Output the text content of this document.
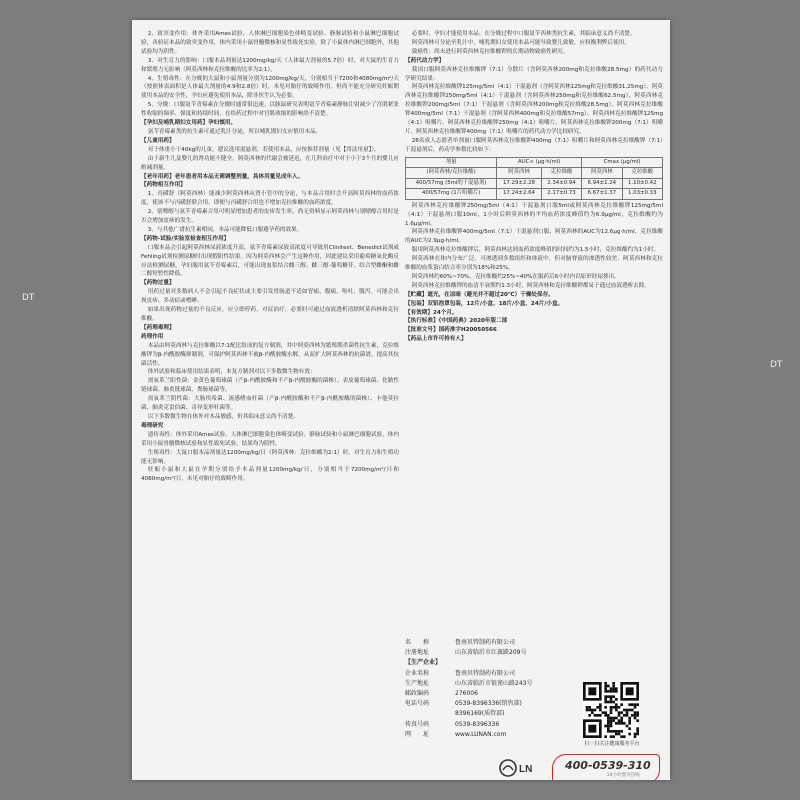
DT
DT

2、致突变作用：体外采用Ames试验、人体淋巴细胞染色体畸变试验、静脉试验和小鼠淋巴细胞试验，各验证本品的致突变作用，体内采用小鼠骨髓微核和显性致死实验，除了小鼠体内淋巴细胞外，其他试验均为阴性。

3、对生育力的影响：口服本品剂量达1200mg/kg/天（人体最大剂量的5.7倍）时，对大鼠的生育力和繁殖力无影响（阿莫西林和克拉维酸的比率为2:1）。

4、生殖毒性：在分娩的大鼠和小鼠剂量分别为1200mg/kg/天，分别相当于7200和4080mg/m²/天（按照体表面积是人体最大剂量的4.9和2.8倍）时，未见对胎仔的致畸作用。但尚不能充分研究妊娠期使用本品的安全性，孕妇应避免使用本品，除非医生认为必要。

5、分娩：口服氨苄青霉素在分娩时通常很迅速。以豚鼠研究表明氨苄青霉素静脉注射减少了宫肌紧张性收缩的频率、强度和持续时间，在给药过程中对宫肌收缩的影响尚不清楚。

【孕妇及哺乳期妇女用药】孕妇慎用。

氨苄青霉素类的抗生素可通过乳汁分泌，所以哺乳期妇女应慎用本品。

【儿童用药】

对于体重小于40kg的儿童，建议选用混悬剂，若使用本品，应按推荐剂量（见【用法用量】）。

由于新生儿及婴儿的肾功能不健全，阿莫西林的代谢会被延迟，在儿科治疗中对于小于3个月的婴儿应酌减剂量。

【老年用药】老年患者用本品无需调整剂量，具体用量见成年人。

【药物相互作用】

1、丙磺舒（阿莫西林）能减少阿莫西林从肾小管中的分泌，与本品合用时会升高阿莫西林的血药浓度，使该不与丙磺舒联合用。即便与丙磺舒合用也不增加克拉维酸的血药浓度。

2、别嘌醇与氨苄青霉素合用可明显增加患者的皮疹发生率，尚无资料显示阿莫西林与别嘌醇合用时是否会增加皮疹的发生。

3、与其他广谱抗生素相同，本品可能降低口服避孕药的效果。

【药物-试验/实验室检查相互作用】

口服本品会引起阿莫西林尿液浓度升高，氨苄青霉素尿液高浓度可导致用Clinitest、Benedict试剂或Fehling试剂检测尿糖时出现假阳性结果。因为阿莫西林会产生这种作用，因此建议采用葡萄糖氧化酶反应法检测尿糖。孕妇服用氨苄青霉素后，可能出现血浆结合雌三醇、雌三醇-葡萄糖苷、结合型雌酮和雌二醇短暂性降低。

【药物过量】

用药过量对多数病人不会引起不良症状或主要引发胃肠道不适如胃痛、腹痛、呕吐、腹泻。可能会出现皮疹、多动症或嗜睡。

如果出现药物过量的不良反应，应立即停药，对症治疗。必要时可通过血液透析清除阿莫西林和克拉维酸。

【药理毒理】

药理作用

本品由阿莫西林与克拉维酸以7:1配比组成的复方制剂，其中阿莫西林为繁殖期杀菌性抗生素，克拉维酸钾为β-内酰胺酶抑制剂，可保护阿莫西林不被β-内酰胺酶水解，从而扩大阿莫西林的抗菌谱，提高其抗菌活性。

体外试验和临床使用结果表明，本复方制剂对以下多数微生物有效：

需氧革兰阳性菌：金黄色葡萄球菌（产β-内酰胺酶和不产β-内酰胺酶的菌株）、表皮葡萄球菌、化脓性链球菌、肺炎链球菌、粪肠球菌等。

需氧革兰阴性菌：大肠埃希菌、流感嗜血杆菌（产β-内酰胺酶和不产β-内酰胺酶的菌株）、卡他莫拉菌、肺炎克雷伯菌、奇异变形杆菌等。

以下多数微生物在体外对本品敏感，但其临床意义尚不清楚。

毒理研究

遗传毒性：体外采用Ames试验、人体淋巴细胞染色体畸变试验、静脉试验和小鼠淋巴细胞试验，体内采用小鼠骨髓微核试验和显性致死试验，结果均为阴性。

生殖毒性：大鼠口服本品剂量达1200mg/kg/日（阿莫西林：克拉维酸为2:1）时，对生育力和生殖功能无影响。

妊娠小鼠和大鼠在孕期分别给予本品剂量1200mg/kg/日，分别相当于7200mg/m²/日和4080mg/m²/日，未见对胎仔的致畸作用。

必要时，孕妇才能使用本品。在分娩过程中口服氨苄西林类抗生素，其临床意义尚不清楚。

阿莫西林可分泌至乳汁中，哺乳期妇女使用本品可能导致婴儿致敏，应权衡利弊后使用。

致癌性：尚未进行阿莫西林克拉维酸钾的长期动物致癌性研究。

【药代动力学】

我国口服阿莫西林克拉维酸钾（7:1）分散片（含阿莫西林200mg和克拉维酸28.5mg）的药代动力学研究结果：

阿莫西林克拉维酸钾125mg/5ml（4:1）干混悬剂（含阿莫西林125mg和克拉维酸31.25mg）、阿莫西林克拉维酸钾250mg/5ml（4:1）干混悬剂（含阿莫西林250mg和克拉维酸62.5mg）、阿莫西林克拉维酸钾200mg/5ml（7:1）干混悬剂（含阿莫西林200mg和克拉维酸28.5mg）、阿莫西林克拉维酸钾400mg/5ml（7:1）干混悬剂（含阿莫西林400mg和克拉维酸57mg）、阿莫西林克拉维酸钾125mg（4:1）咀嚼片、阿莫西林克拉维酸钾250mg（4:1）咀嚼片、阿莫西林克拉维酸钾200mg（7:1）咀嚼片、阿莫西林克拉维酸钾400mg（7:1）咀嚼片的药代动力学比较研究。

28名成人志愿者单剂量口服阿莫西林克拉维酸钾400mg（7:1）咀嚼片和阿莫西林克拉维酸钾（7:1）干混悬剂后，药动学参数比较如下：

剂量	AUC∞ (μg·h/ml)		Cmax (μg/ml)	
(阿莫西林/克拉维酸)	阿莫西林	克拉维酸	阿莫西林	克拉维酸
400/57mg (5ml的干混悬剂)	17.29±2.28	2.34±0.94	6.94±1.24	1.10±0.42
400/57mg (1片咀嚼片)	17.24±2.64	2.17±0.73	6.67±1.37	1.03±0.33

阿莫西林克拉维酸钾250mg/5ml（4:1）干混悬剂口服5ml或阿莫西林克拉维酸钾125mg/5ml（4:1）干混悬剂口服10ml，1小时后阿莫西林的平均血药浓度峰值约为6.9μg/ml，克拉维酸约为1.6μg/ml。

阿莫西林克拉维酸钾400mg/5ml（7:1）干混悬剂口服，阿莫西林的AUC为12.6μg·h/ml，克拉维酸的AUC为2.9μg·h/ml。

服用阿莫西林克拉维酸钾后，阿莫西林达到血药浓度峰值的时间约为1.5小时，克拉维酸约为1小时。

阿莫西林在体内分布广泛，可渗透到多数组织和体液中，但对脑脊液的渗透性较差。阿莫西林和克拉维酸的血浆蛋白结合率分别为18%和25%。

阿莫西林约60%~70%、克拉维酸约25%~40%在服药后6小时内以原形经尿排出。

阿莫西林克拉维酸钾的血清半衰期约1.3小时，阿莫西林和克拉维酸钾都易于通过血液透析去除。

【贮藏】遮光，在凉暗（避光并不超过20℃）干燥处保存。

【包装】双铝泡罩包装，12片/小盒、18片/小盒、24片/小盒。

【有效期】24个月。

【执行标准】《中国药典》2020年版二部

【批准文号】国药准字H20050566

【药品上市许可持有人】

名　　称	鲁南贝特制药有限公司
注册地址	山东省临沂市红旗路209号
【生产企业】
企业名称	鲁南贝特制药有限公司
生产地址	山东省临沂市银雀山路243号
邮政编码	276006
电话号码	0539-8396336(销售部)
8396169(质管部)
传真号码	0539-8396336
网　　址	www.LUNAN.com
扫一扫关注健康服务平台
LN	400-0539-310
24小时服务热线
